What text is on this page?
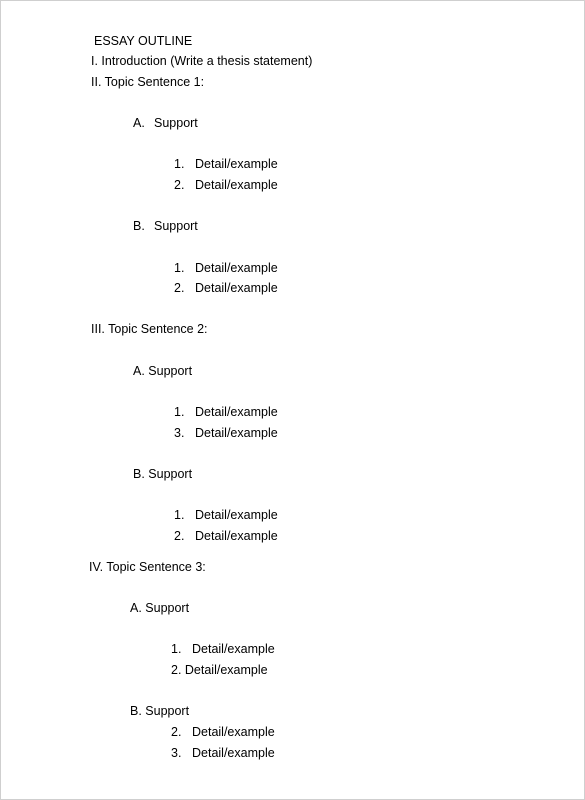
ESSAY OUTLINE
I. Introduction (Write a thesis statement)
II. Topic Sentence 1:
A. Support
1. Detail/example
2. Detail/example
B. Support
1. Detail/example
2. Detail/example
III. Topic Sentence 2:
A. Support
1. Detail/example
3. Detail/example
B. Support
1. Detail/example
2. Detail/example
IV. Topic Sentence 3:
A. Support
1. Detail/example
2. Detail/example
B. Support
2. Detail/example
3. Detail/example
